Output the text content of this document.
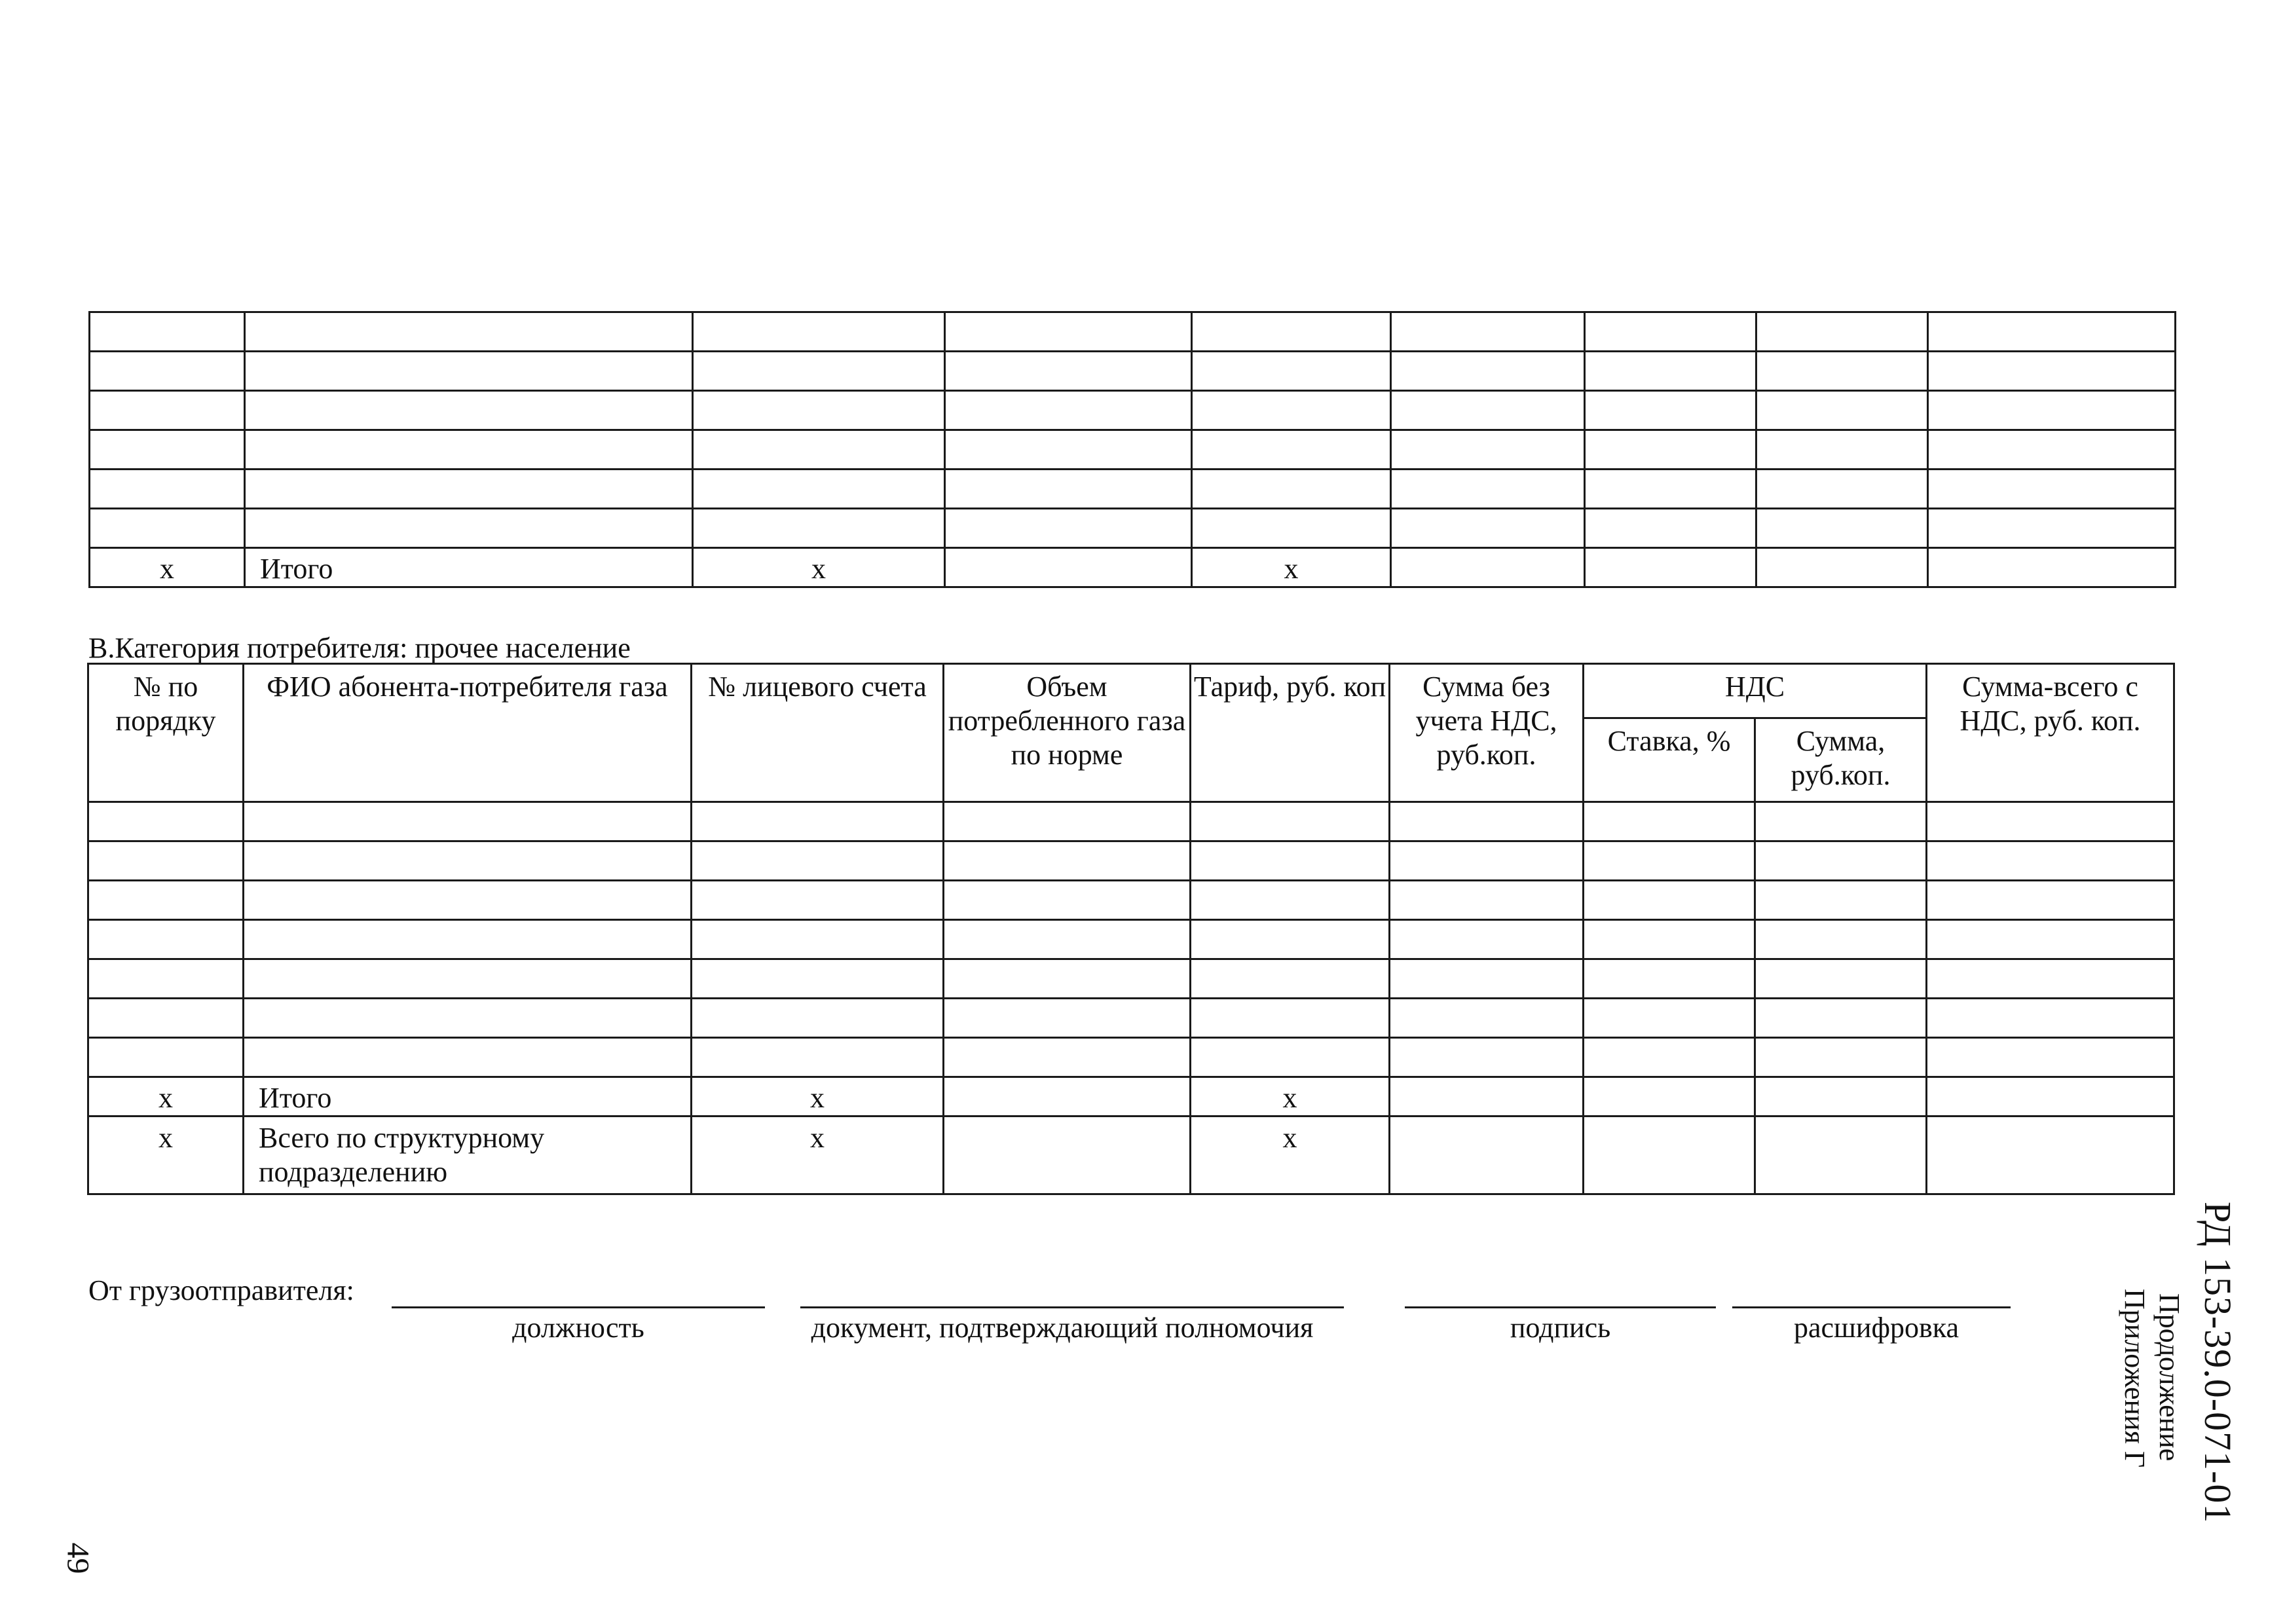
x	Итого	x		x				
В.Категория потребителя: прочее население
№ по порядку	ФИО абонента-потребителя газа	№ лицевого счета	Объем потребленного газа по норме	Тариф, руб. коп	Сумма без учета НДС, руб.коп.	НДС		Сумма-всего с НДС, руб. коп.
						Ставка, %	Сумма, руб.коп.	

x	Итого	x		x				
x	Всего по структурному подразделению	x		x				
От грузоотправителя:
должность	документ, подтверждающий полномочия	подпись	расшифровка	РД 153-39.0-071-01
Продолжение
Приложения Г
49
